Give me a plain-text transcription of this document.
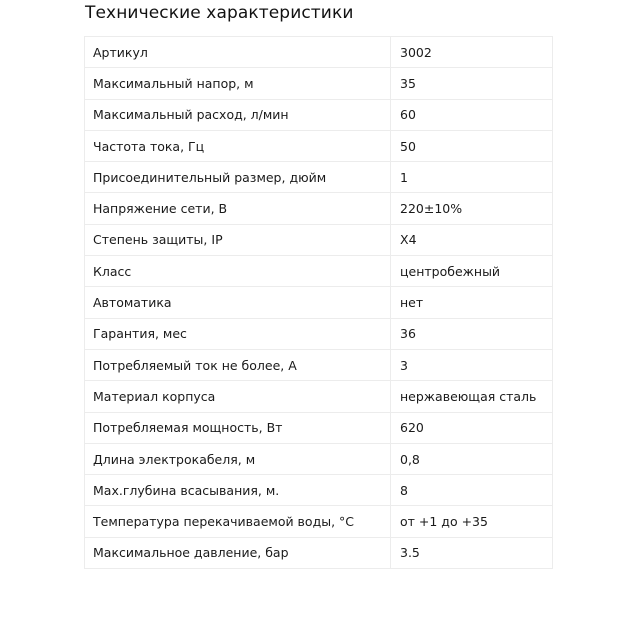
Технические характеристики
Артикул	3002
Максимальный напор, м	35
Максимальный расход, л/мин	60
Частота тока, Гц	50
Присоединительный размер, дюйм	1
Напряжение сети, В	220±10%
Степень защиты, IP	X4
Класс	центробежный
Автоматика	нет
Гарантия, мес	36
Потребляемый ток не более, А	3
Материал корпуса	нержавеющая сталь
Потребляемая мощность, Вт	620
Длина электрокабеля, м	0,8
Max.глубина всасывания, м.	8
Температура перекачиваемой воды, °С	от +1 до +35
Максимальное давление, бар	3.5
